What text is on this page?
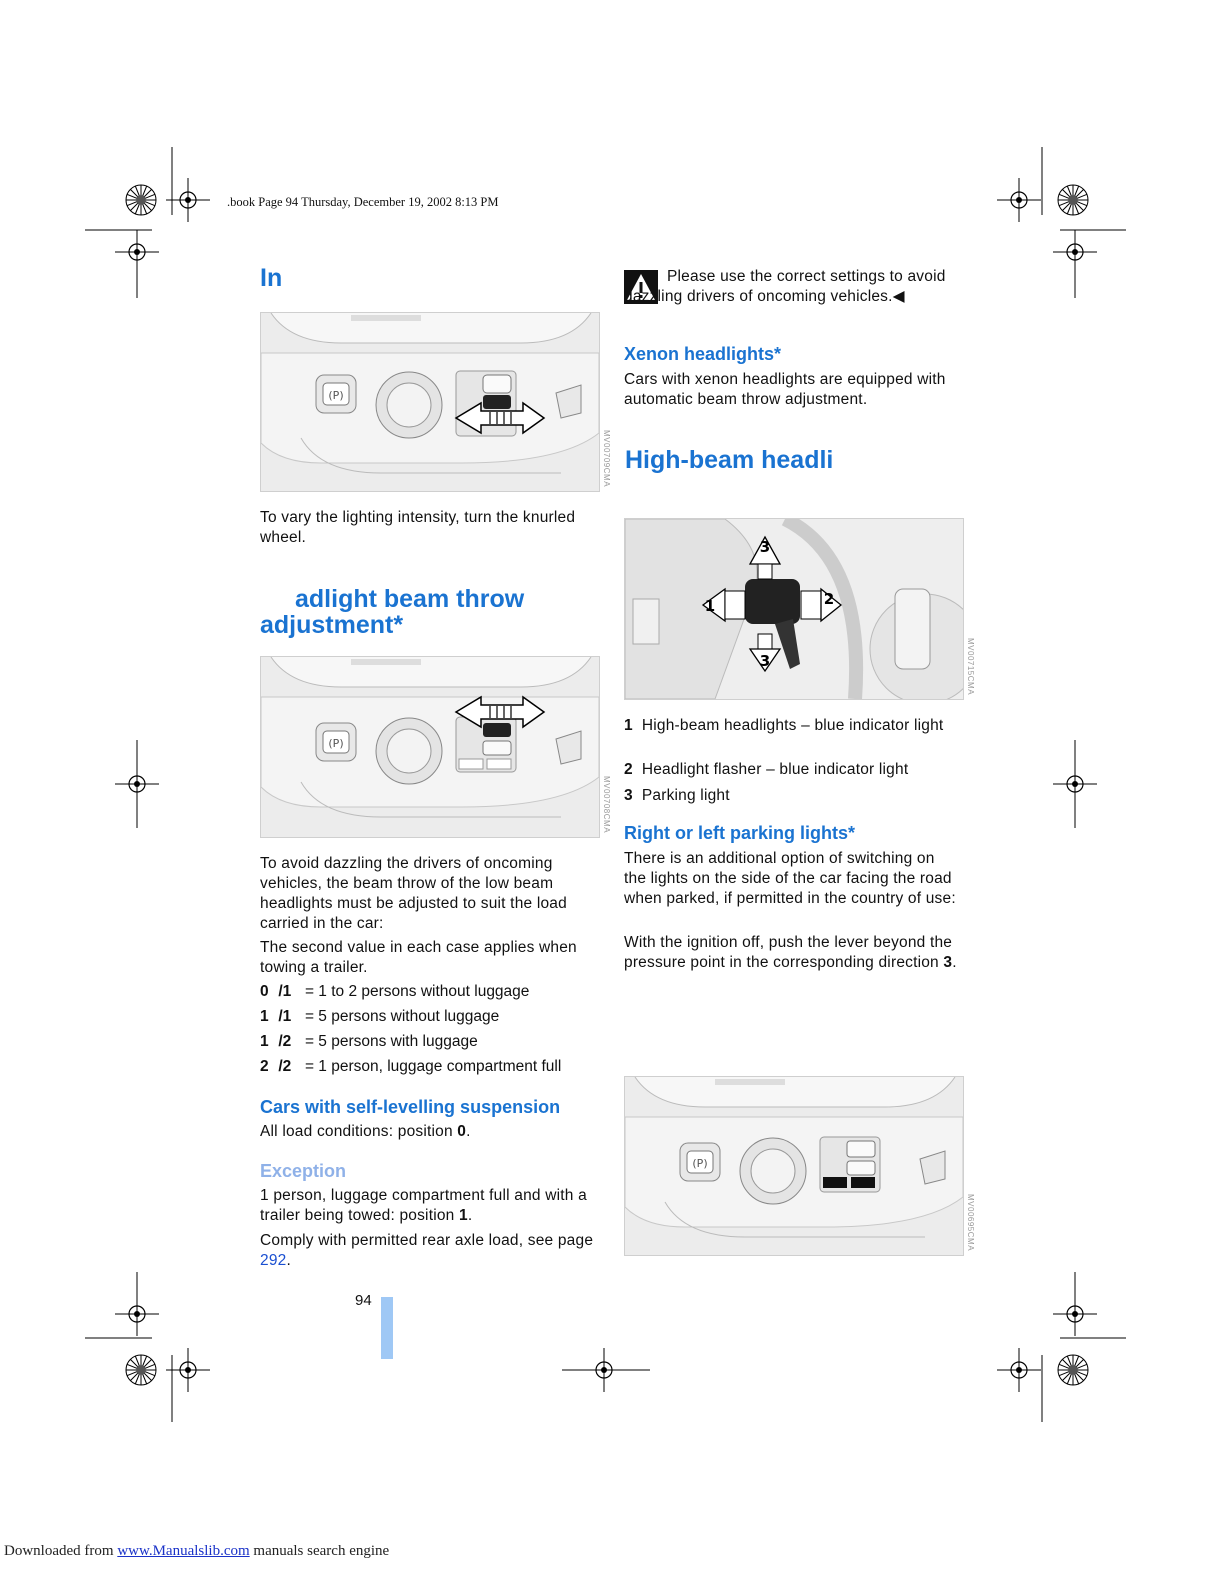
.book Page 94 Thursday, December 19, 2002 8:13 PM
In
(P)
MV00709CMA
To vary the lighting intensity, turn the knurled wheel.
adlight beam throw
adjustment*
(P)
MV00708CMA
To avoid dazzling the drivers of oncoming vehicles, the beam throw of the low beam headlights must be adjusted to suit the load carried in the car:
The second value in each case applies when towing a trailer.
0 /1 = 1 to 2 persons without luggage
1 /1 = 5 persons without luggage
1 /2 = 5 persons with luggage
2 /2 = 1 person, luggage compartment full
Cars with self-levelling suspension
All load conditions: position 0.
Exception
1 person, luggage compartment full and with a trailer being towed: position 1.
Comply with permitted rear axle load, see page 292.
94
Please use the correct settings to avoid dazzling drivers of oncoming vehicles.◀
Xenon headlights*
Cars with xenon headlights are equipped with automatic beam throw adjustment.
High-beam headli
3
3
1	2
MV00715CMA
1 High-beam headlights – blue indicator light
2 Headlight flasher – blue indicator light
3 Parking light
Right or left parking lights*
There is an additional option of switching on the lights on the side of the car facing the road when parked, if permitted in the country of use:
With the ignition off, push the lever beyond the pressure point in the corresponding direction 3.
(P)
MV00695CMA
Downloaded from www.Manualslib.com manuals search engine
